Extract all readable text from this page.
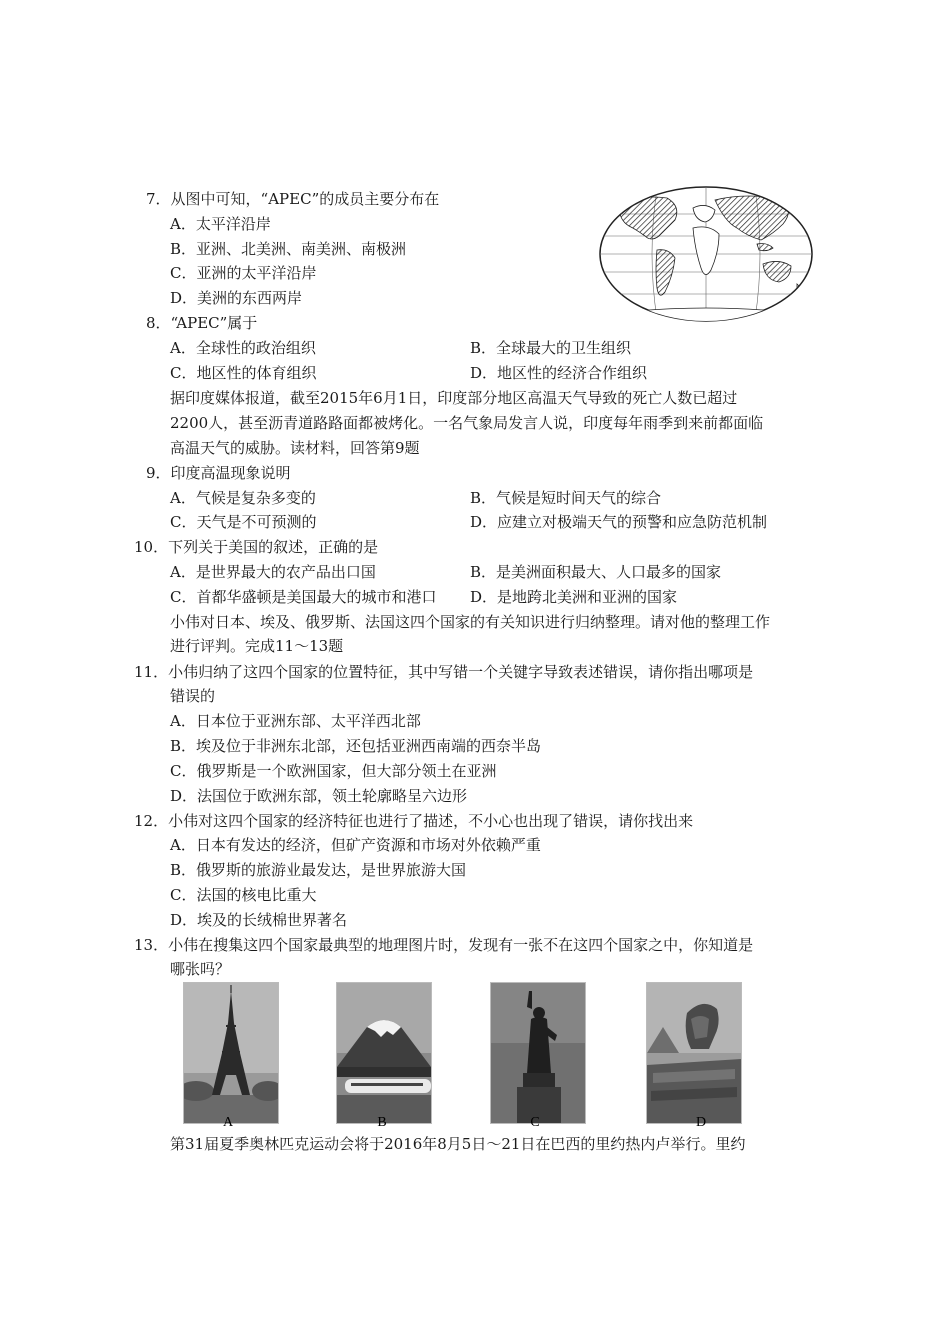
7．从图中可知，“APEC”的成员主要分布在
A．太平洋沿岸
B．亚洲、北美洲、南美洲、南极洲
C．亚洲的太平洋沿岸
D．美洲的东西两岸
8．“APEC”属于
A．全球性的政治组织	B．全球最大的卫生组织
C．地区性的体育组织	D．地区性的经济合作组织
据印度媒体报道，截至2015年6月1日，印度部分地区高温天气导致的死亡人数已超过
2200人，甚至沥青道路路面都被烤化。一名气象局发言人说，印度每年雨季到来前都面临
高温天气的威胁。读材料，回答第9题
9．印度高温现象说明
A．气候是复杂多变的	B．气候是短时间天气的综合
C．天气是不可预测的	D．应建立对极端天气的预警和应急防范机制
10．下列关于美国的叙述，正确的是
A．是世界最大的农产品出口国	B．是美洲面积最大、人口最多的国家
C．首都华盛顿是美国最大的城市和港口 D．是地跨北美洲和亚洲的国家
小伟对日本、埃及、俄罗斯、法国这四个国家的有关知识进行归纳整理。请对他的整理工作
进行评判。完成11～13题
11．小伟归纳了这四个国家的位置特征，其中写错一个关键字导致表述错误，请你指出哪项是
错误的
A．日本位于亚洲东部、太平洋西北部
B．埃及位于非洲东北部，还包括亚洲西南端的西奈半岛
C．俄罗斯是一个欧洲国家，但大部分领土在亚洲
D．法国位于欧洲东部，领土轮廓略呈六边形
12．小伟对这四个国家的经济特征也进行了描述，不小心也出现了错误，请你找出来
A．日本有发达的经济，但矿产资源和市场对外依赖严重
B．俄罗斯的旅游业最发达，是世界旅游大国
C．法国的核电比重大
D．埃及的长绒棉世界著名
13．小伟在搜集这四个国家最典型的地理图片时，发现有一张不在这四个国家之中，你知道是
哪张吗？
A	B	C	D
第31届夏季奥林匹克运动会将于2016年8月5日～21日在巴西的里约热内卢举行。里约
